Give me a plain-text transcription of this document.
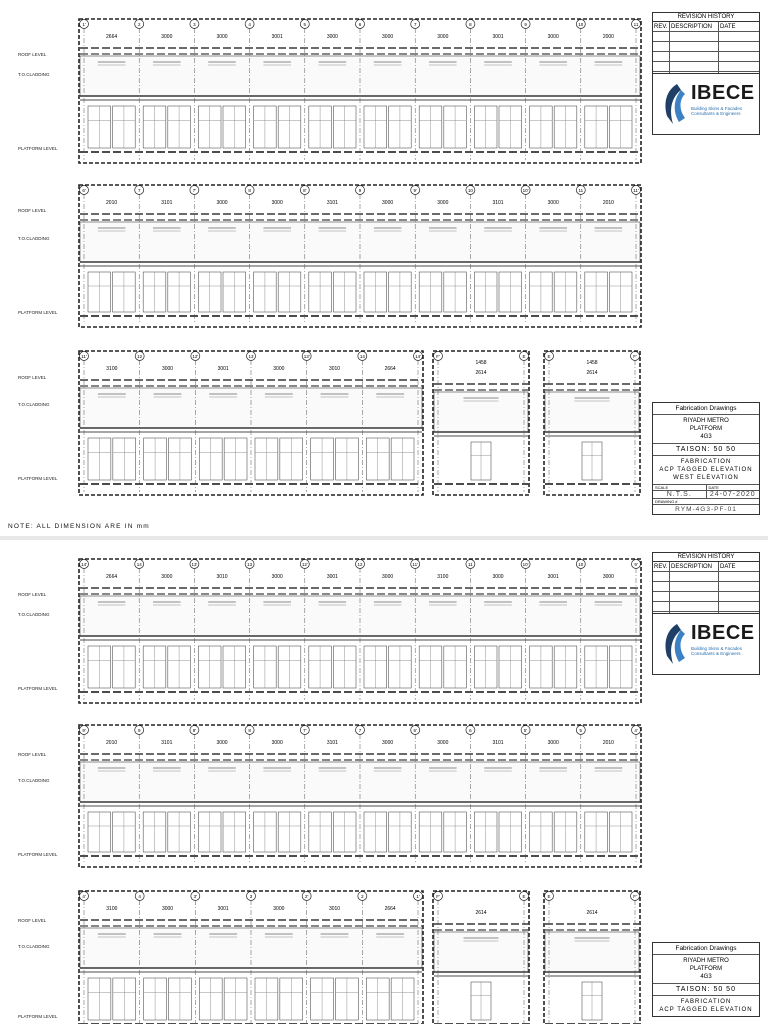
REVISION HISTORY
REV. DESCRIPTION	DATE
IBECE
Building Skins & Facades Consultants & Engineers
Fabrication Drawings
RIYADH METRO
PLATFORM
4G3
TAISON: 50 50
FABRICATION
ACP TAGGED ELEVATION
WEST ELEVATION
SCALE	DATE
N.T.S.	24-07-2020
DRAWING #
RYM-4G3-PF-01
NOTE: ALL DIMENSION ARE IN mm
1'	2	3	4	5	6	7	8	9	10	11
2664	3000	3000	3001	3000	3000	3000	3001	3000	2000
6'	7	7'	8	8'	9	9'	10	10'	11	11'
2010	3101	3000	3000	3101	3000	3000	3101	3000	2010
11'	12	12'	13	13'	14	14'
3100	3000	3001	3000	3010	2664
F'	E
1458
2614
E	F'
1458
2614
ROOF LEVEL
T.O.CLADDING
PLATFORM LEVEL
ROOF LEVEL
T.O.CLADDING
PLATFORM LEVEL
ROOF LEVEL
T.O.CLADDING
PLATFORM LEVEL
REVISION HISTORY
REV. DESCRIPTION	DATE
IBECE
Building Skins & Facades Consultants & Engineers
Fabrication Drawings
RIYADH METRO
PLATFORM
4G3
TAISON: 50 50
FABRICATION
ACP TAGGED ELEVATION
14'	14	13'	13	12'	12	11'	11	10'	10	9'
2664	3000	3010	3000	3001	3000	3100	3000	3001	3000
9'	9	8'	8	7'	7	6'	6	5'	5	4'
2010	3101	3000	3000	3101	3000	3000	3101	3000	2010
4'	4	3'	3	2'	2	1'
3100	3000	3001	3000	3010	2664
F'	E
2614
E	F'
2614
ROOF LEVEL
T.O.CLADDING
PLATFORM LEVEL
ROOF LEVEL
T.O.CLADDING
PLATFORM LEVEL
ROOF LEVEL
T.O.CLADDING
PLATFORM LEVEL
